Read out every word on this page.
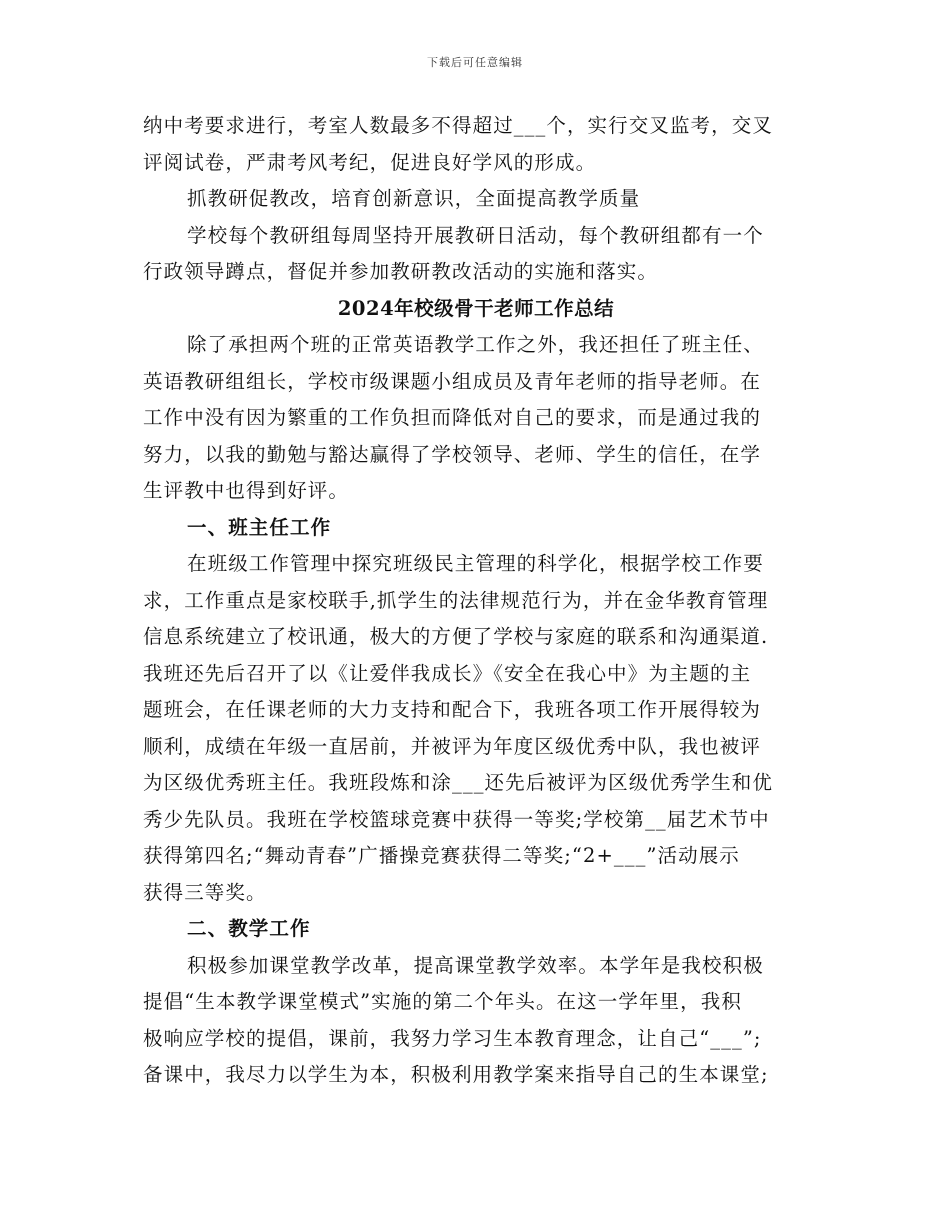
下载后可任意编辑
纳中考要求进行，考室人数最多不得超过___个，实行交叉监考，交叉
评阅试卷，严肃考风考纪，促进良好学风的形成。
抓教研促教改，培育创新意识，全面提高教学质量
学校每个教研组每周坚持开展教研日活动，每个教研组都有一个
行政领导蹲点，督促并参加教研教改活动的实施和落实。
2024年校级骨干老师工作总结
除了承担两个班的正常英语教学工作之外，我还担任了班主任、
英语教研组组长，学校市级课题小组成员及青年老师的指导老师。在
工作中没有因为繁重的工作负担而降低对自己的要求，而是通过我的
努力，以我的勤勉与豁达赢得了学校领导、老师、学生的信任，在学
生评教中也得到好评。
一、班主任工作
在班级工作管理中探究班级民主管理的科学化，根据学校工作要
求，工作重点是家校联手,抓学生的法律规范行为，并在金华教育管理
信息系统建立了校讯通，极大的方便了学校与家庭的联系和沟通渠道.
我班还先后召开了以《让爱伴我成长》《安全在我心中》为主题的主
题班会，在任课老师的大力支持和配合下，我班各项工作开展得较为
顺利，成绩在年级一直居前，并被评为年度区级优秀中队，我也被评
为区级优秀班主任。我班段炼和涂___还先后被评为区级优秀学生和优
秀少先队员。我班在学校篮球竞赛中获得一等奖;学校第__届艺术节中
获得第四名;“舞动青春”广播操竞赛获得二等奖;“2+___”活动展示
获得三等奖。
二、教学工作
积极参加课堂教学改革，提高课堂教学效率。本学年是我校积极
提倡“生本教学课堂模式”实施的第二个年头。在这一学年里，我积
极响应学校的提倡，课前，我努力学习生本教育理念，让自己“___”;
备课中，我尽力以学生为本，积极利用教学案来指导自己的生本课堂;
